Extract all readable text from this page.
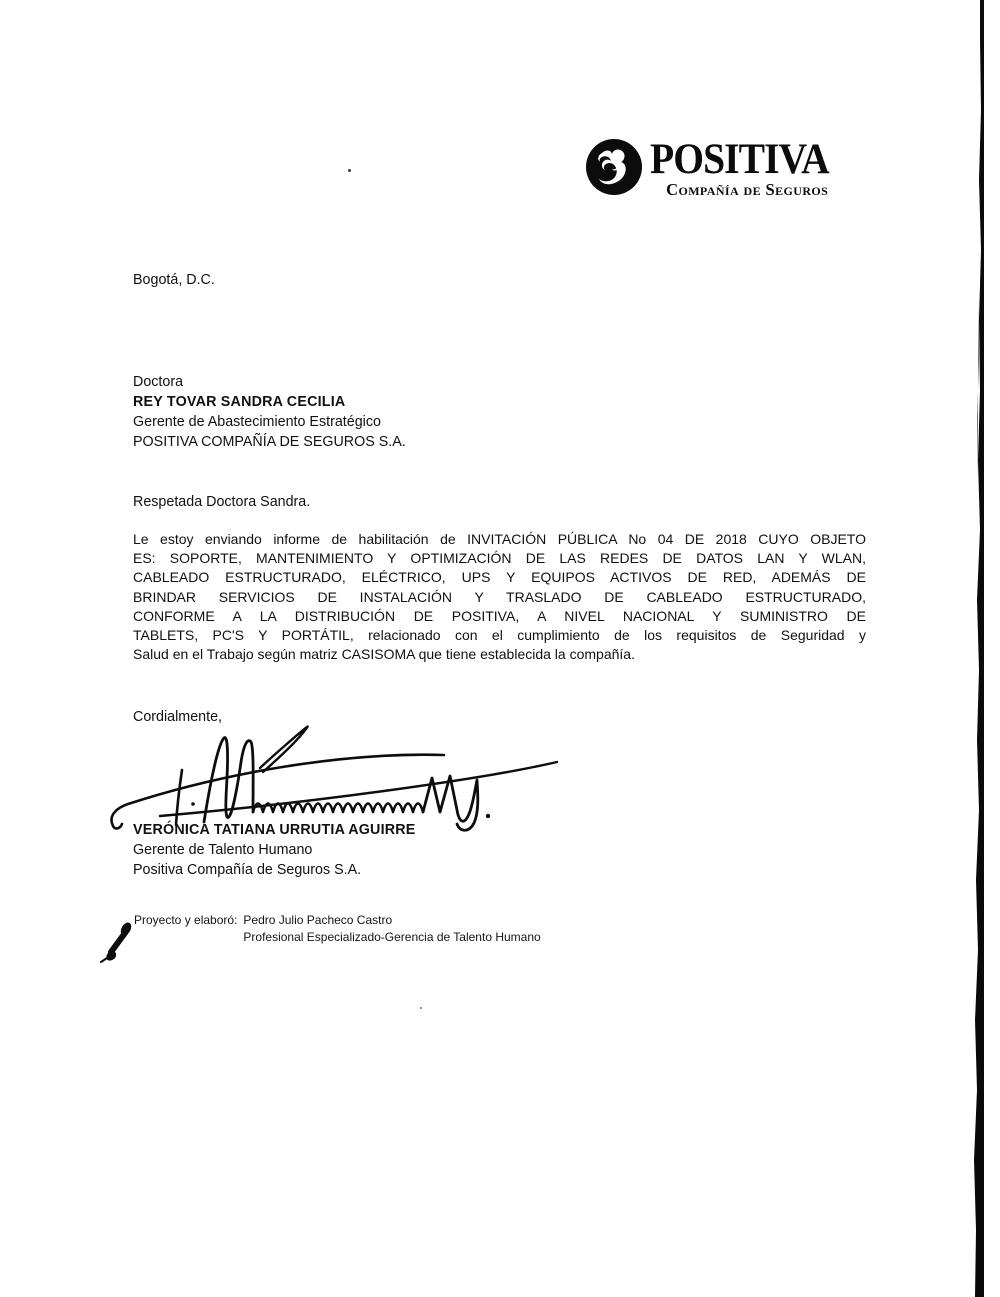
POSITIVA
Compañía de Seguros
Bogotá, D.C.
Doctora
REY TOVAR SANDRA CECILIA
Gerente de Abastecimiento Estratégico
POSITIVA COMPAÑÍA DE SEGUROS S.A.
Respetada Doctora Sandra.
Le estoy enviando informe de habilitación de INVITACIÓN PÚBLICA No 04 DE 2018 CUYO OBJETO
ES: SOPORTE, MANTENIMIENTO Y OPTIMIZACIÓN DE LAS REDES DE DATOS LAN Y WLAN,
CABLEADO ESTRUCTURADO, ELÉCTRICO, UPS Y EQUIPOS ACTIVOS DE RED, ADEMÁS DE
BRINDAR SERVICIOS DE INSTALACIÓN Y TRASLADO DE CABLEADO ESTRUCTURADO,
CONFORME A LA DISTRIBUCIÓN DE POSITIVA, A NIVEL NACIONAL Y SUMINISTRO DE
TABLETS, PC'S Y PORTÁTIL, relacionado con el cumplimiento de los requisitos de Seguridad y
Salud en el Trabajo según matriz CASISOMA que tiene establecida la compañía.
Cordialmente,
VERÓNICA TATIANA URRUTIA AGUIRRE
Gerente de Talento Humano
Positiva Compañía de Seguros S.A.
Proyecto y elaboró: Pedro Julio Pacheco Castro
Profesional Especializado-Gerencia de Talento Humano
